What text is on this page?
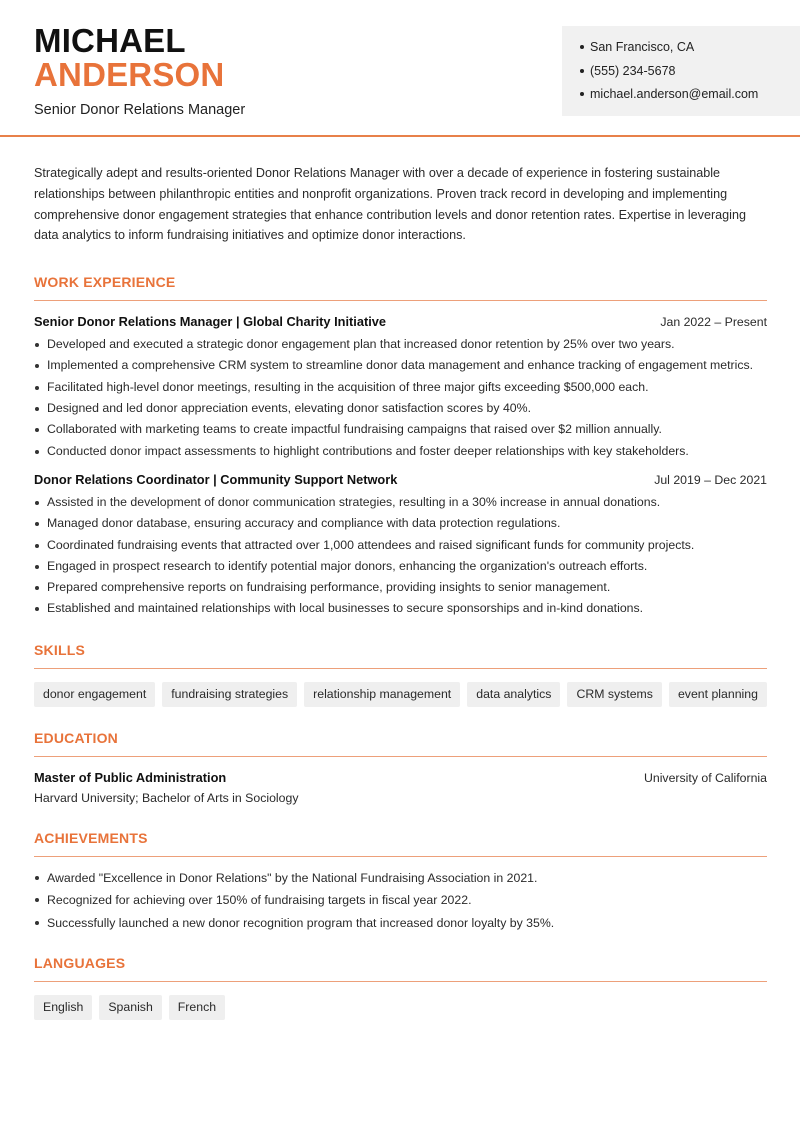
MICHAEL
ANDERSON
Senior Donor Relations Manager
San Francisco, CA
(555) 234-5678
michael.anderson@email.com

Strategically adept and results-oriented Donor Relations Manager with over a decade of experience in fostering sustainable relationships between philanthropic entities and nonprofit organizations. Proven track record in developing and implementing comprehensive donor engagement strategies that enhance contribution levels and donor retention rates. Expertise in leveraging data analytics to inform fundraising initiatives and optimize donor interactions.

WORK EXPERIENCE
Senior Donor Relations Manager | Global Charity Initiative	Jan 2022 – Present
Developed and executed a strategic donor engagement plan that increased donor retention by 25% over two years.
Implemented a comprehensive CRM system to streamline donor data management and enhance tracking of engagement metrics.
Facilitated high-level donor meetings, resulting in the acquisition of three major gifts exceeding $500,000 each.
Designed and led donor appreciation events, elevating donor satisfaction scores by 40%.
Collaborated with marketing teams to create impactful fundraising campaigns that raised over $2 million annually.
Conducted donor impact assessments to highlight contributions and foster deeper relationships with key stakeholders.
Donor Relations Coordinator | Community Support Network	Jul 2019 – Dec 2021
Assisted in the development of donor communication strategies, resulting in a 30% increase in annual donations.
Managed donor database, ensuring accuracy and compliance with data protection regulations.
Coordinated fundraising events that attracted over 1,000 attendees and raised significant funds for community projects.
Engaged in prospect research to identify potential major donors, enhancing the organization's outreach efforts.
Prepared comprehensive reports on fundraising performance, providing insights to senior management.
Established and maintained relationships with local businesses to secure sponsorships and in-kind donations.
SKILLS
donor engagement	fundraising strategies	relationship management	data analytics	CRM systems	event planning
EDUCATION
Master of Public Administration	University of California
Harvard University; Bachelor of Arts in Sociology
ACHIEVEMENTS
Awarded "Excellence in Donor Relations" by the National Fundraising Association in 2021.
Recognized for achieving over 150% of fundraising targets in fiscal year 2022.
Successfully launched a new donor recognition program that increased donor loyalty by 35%.
LANGUAGES
English	Spanish	French
